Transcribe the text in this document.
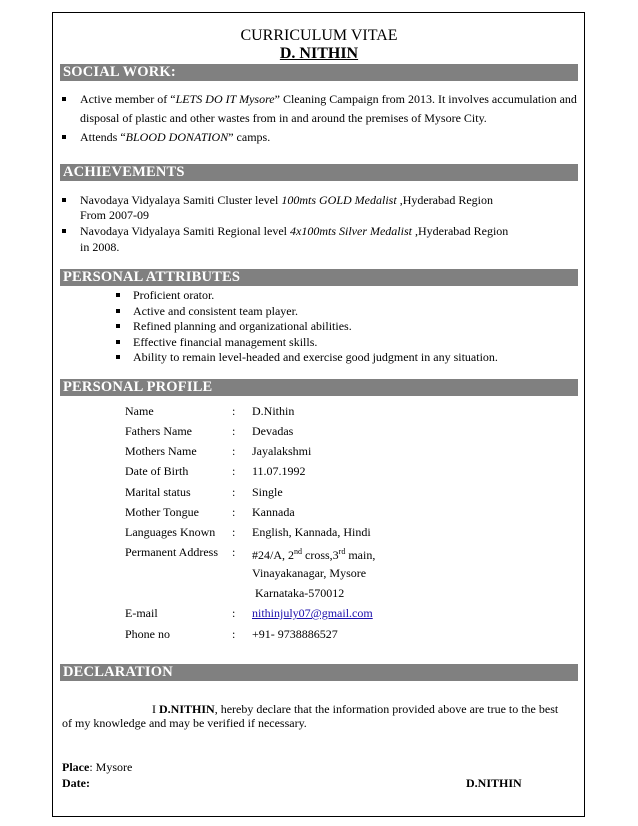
CURRICULUM VITAE
D. NITHIN
SOCIAL WORK:
Active member of “LETS DO IT Mysore” Cleaning Campaign from 2013. It involves accumulation and
disposal of plastic and other wastes from in and around the premises of Mysore City.
Attends “BLOOD DONATION” camps.
ACHIEVEMENTS
Navodaya Vidyalaya Samiti Cluster level 100mts GOLD Medalist ,Hyderabad Region
From 2007-09
Navodaya Vidyalaya Samiti Regional level 4x100mts Silver Medalist ,Hyderabad Region
in 2008.
PERSONAL ATTRIBUTES
Proficient orator.
Active and consistent team player.
Refined planning and organizational abilities.
Effective financial management skills.
Ability to remain level-headed and exercise good judgment in any situation.
PERSONAL PROFILE
Name	: D.Nithin
Fathers Name	: Devadas
Mothers Name	: Jayalakshmi
Date of Birth	: 11.07.1992
Marital status	: Single
Mother Tongue	: Kannada
Languages Known : English, Kannada, Hindi
Permanent Address : #24/A, 2nd cross,3rd main,
Vinayakanagar, Mysore
Karnataka-570012
E-mail	: nithinjuly07@gmail.com
Phone no	: +91- 9738886527
DECLARATION
I D.NITHIN, hereby declare that the information provided above are true to the best
of my knowledge and may be verified if necessary.
Place: Mysore
Date:	D.NITHIN
